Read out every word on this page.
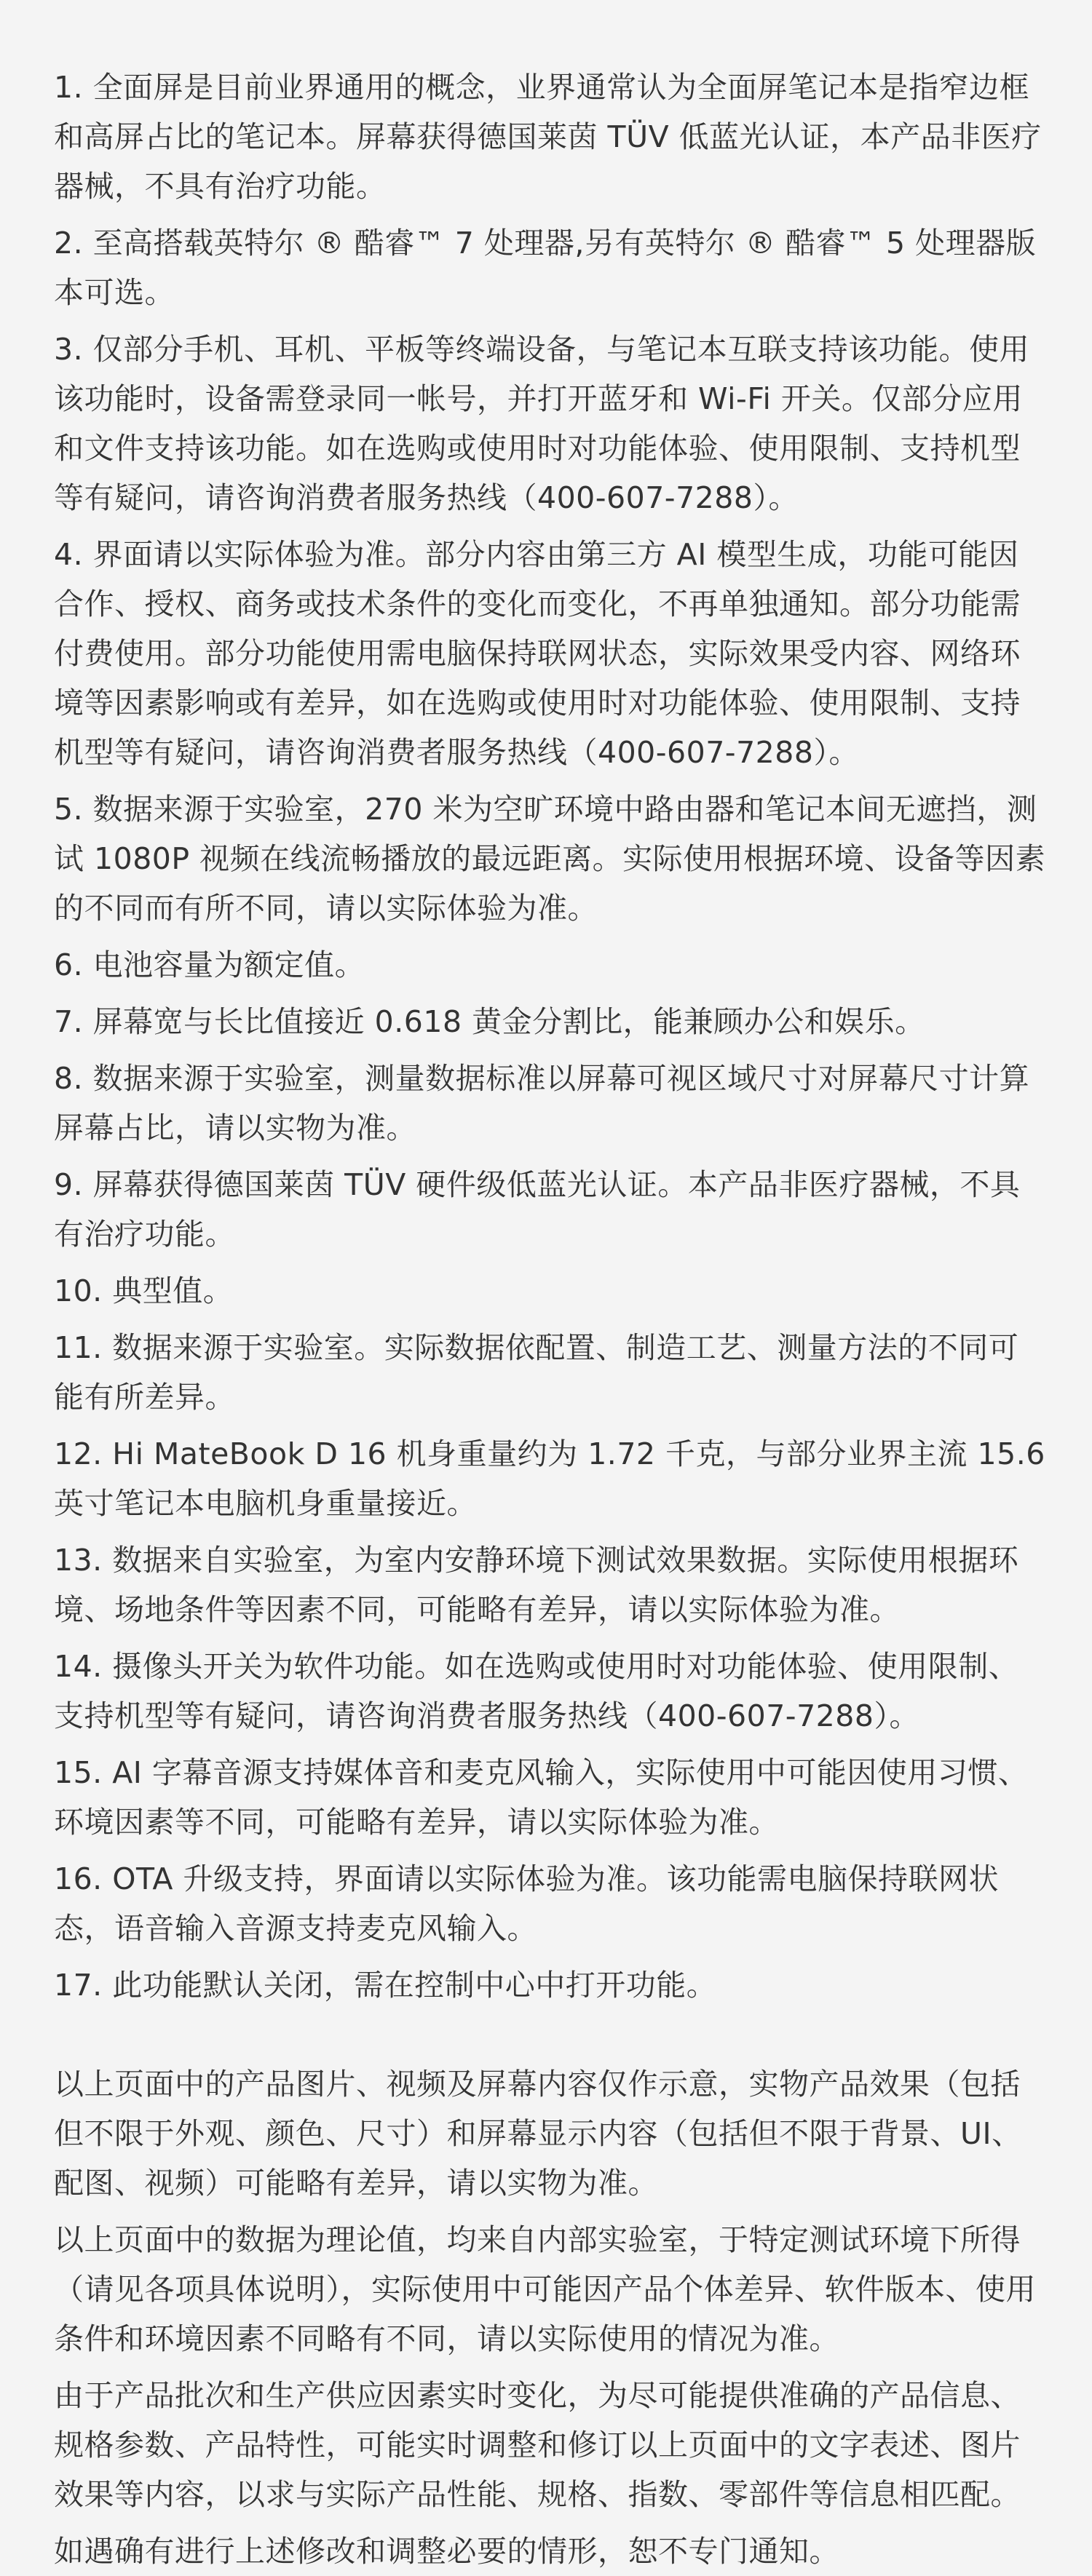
1. 全面屏是目前业界通用的概念，业界通常认为全面屏笔记本是指窄边框和高屏占比的笔记本。屏幕获得德国莱茵 TÜV 低蓝光认证，本产品非医疗器械，不具有治疗功能。
2. 至高搭载英特尔 ® 酷睿™ 7 处理器,另有英特尔 ® 酷睿™ 5 处理器版本可选。
3. 仅部分手机、耳机、平板等终端设备，与笔记本互联支持该功能。使用该功能时，设备需登录同一帐号，并打开蓝牙和 Wi-Fi 开关。仅部分应用和文件支持该功能。如在选购或使用时对功能体验、使用限制、支持机型等有疑问，请咨询消费者服务热线（400-607-7288）。
4. 界面请以实际体验为准。部分内容由第三方 AI 模型生成，功能可能因合作、授权、商务或技术条件的变化而变化，不再单独通知。部分功能需付费使用。部分功能使用需电脑保持联网状态，实际效果受内容、网络环境等因素影响或有差异，如在选购或使用时对功能体验、使用限制、支持机型等有疑问，请咨询消费者服务热线（400-607-7288）。
5. 数据来源于实验室，270 米为空旷环境中路由器和笔记本间无遮挡，测试 1080P 视频在线流畅播放的最远距离。实际使用根据环境、设备等因素的不同而有所不同，请以实际体验为准。
6. 电池容量为额定值。
7. 屏幕宽与长比值接近 0.618 黄金分割比，能兼顾办公和娱乐。
8. 数据来源于实验室，测量数据标准以屏幕可视区域尺寸对屏幕尺寸计算屏幕占比，请以实物为准。
9. 屏幕获得德国莱茵 TÜV 硬件级低蓝光认证。本产品非医疗器械，不具有治疗功能。
10. 典型值。
11. 数据来源于实验室。实际数据依配置、制造工艺、测量方法的不同可能有所差异。
12. Hi MateBook D 16 机身重量约为 1.72 千克，与部分业界主流 15.6 英寸笔记本电脑机身重量接近。
13. 数据来自实验室，为室内安静环境下测试效果数据。实际使用根据环境、场地条件等因素不同，可能略有差异，请以实际体验为准。
14. 摄像头开关为软件功能。如在选购或使用时对功能体验、使用限制、支持机型等有疑问，请咨询消费者服务热线（400-607-7288）。
15. AI 字幕音源支持媒体音和麦克风输入，实际使用中可能因使用习惯、环境因素等不同，可能略有差异，请以实际体验为准。
16. OTA 升级支持，界面请以实际体验为准。该功能需电脑保持联网状态，语音输入音源支持麦克风输入。
17. 此功能默认关闭，需在控制中心中打开功能。
以上页面中的产品图片、视频及屏幕内容仅作示意，实物产品效果（包括但不限于外观、颜色、尺寸）和屏幕显示内容（包括但不限于背景、UI、配图、视频）可能略有差异，请以实物为准。
以上页面中的数据为理论值，均来自内部实验室，于特定测试环境下所得（请见各项具体说明），实际使用中可能因产品个体差异、软件版本、使用条件和环境因素不同略有不同，请以实际使用的情况为准。
由于产品批次和生产供应因素实时变化，为尽可能提供准确的产品信息、规格参数、产品特性，可能实时调整和修订以上页面中的文字表述、图片效果等内容，以求与实际产品性能、规格、指数、零部件等信息相匹配。
如遇确有进行上述修改和调整必要的情形，恕不专门通知。
